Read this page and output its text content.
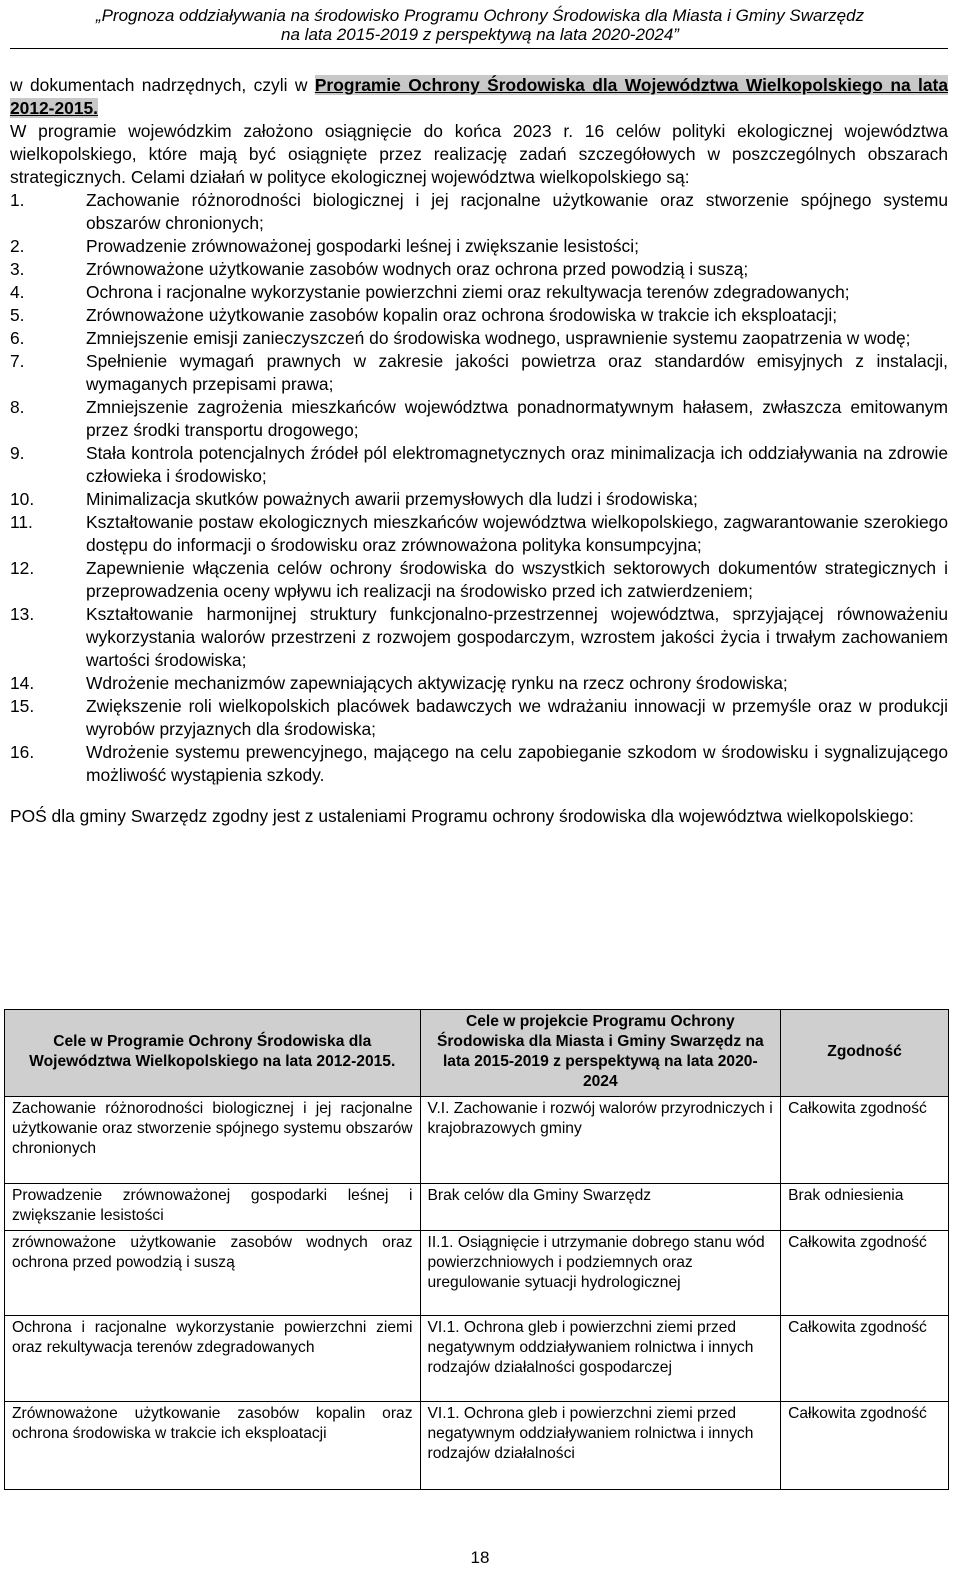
„Prognoza oddziaływania na środowisko Programu Ochrony Środowiska dla Miasta i Gminy Swarzędz
na lata 2015-2019 z perspektywą na lata 2020-2024”

w dokumentach nadrzędnych, czyli w Programie Ochrony Środowiska dla Województwa Wielkopolskiego na lata 2012-2015.

W programie wojewódzkim założono osiągnięcie do końca 2023 r. 16 celów polityki ekologicznej województwa wielkopolskiego, które mają być osiągnięte przez realizację zadań szczegółowych w poszczególnych obszarach strategicznych. Celami działań w polityce ekologicznej województwa wielkopolskiego są:

1.	Zachowanie różnorodności biologicznej i jej racjonalne użytkowanie oraz stworzenie spójnego systemu obszarów chronionych;
2.	Prowadzenie zrównoważonej gospodarki leśnej i zwiększanie lesistości;
3.	Zrównoważone użytkowanie zasobów wodnych oraz ochrona przed powodzią i suszą;
4.	Ochrona i racjonalne wykorzystanie powierzchni ziemi oraz rekultywacja terenów zdegradowanych;
5.	Zrównoważone użytkowanie zasobów kopalin oraz ochrona środowiska w trakcie ich eksploatacji;
6.	Zmniejszenie emisji zanieczyszczeń do środowiska wodnego, usprawnienie systemu zaopatrzenia w wodę;
7.	Spełnienie wymagań prawnych w zakresie jakości powietrza oraz standardów emisyjnych z instalacji, wymaganych przepisami prawa;
8.	Zmniejszenie zagrożenia mieszkańców województwa ponadnormatywnym hałasem, zwłaszcza emitowanym przez środki transportu drogowego;
9.	Stała kontrola potencjalnych źródeł pól elektromagnetycznych oraz minimalizacja ich oddziaływania na zdrowie człowieka i środowisko;
10.	Minimalizacja skutków poważnych awarii przemysłowych dla ludzi i środowiska;
11.	Kształtowanie postaw ekologicznych mieszkańców województwa wielkopolskiego, zagwarantowanie szerokiego dostępu do informacji o środowisku oraz zrównoważona polityka konsumpcyjna;
12.	Zapewnienie włączenia celów ochrony środowiska do wszystkich sektorowych dokumentów strategicznych i przeprowadzenia oceny wpływu ich realizacji na środowisko przed ich zatwierdzeniem;
13.	Kształtowanie harmonijnej struktury funkcjonalno-przestrzennej województwa, sprzyjającej równoważeniu wykorzystania walorów przestrzeni z rozwojem gospodarczym, wzrostem jakości życia i trwałym zachowaniem wartości środowiska;
14.	Wdrożenie mechanizmów zapewniających aktywizację rynku na rzecz ochrony środowiska;
15.	Zwiększenie roli wielkopolskich placówek badawczych we wdrażaniu innowacji w przemyśle oraz w produkcji wyrobów przyjaznych dla środowiska;
16.	Wdrożenie systemu prewencyjnego, mającego na celu zapobieganie szkodom w środowisku i sygnalizującego możliwość wystąpienia szkody.

POŚ dla gminy Swarzędz zgodny jest z ustaleniami Programu ochrony środowiska dla województwa wielkopolskiego:

Cele w Programie Ochrony Środowiska dla Województwa Wielkopolskiego na lata 2012-2015.	Cele w projekcie Programu Ochrony Środowiska dla Miasta i Gminy Swarzędz na lata 2015-2019 z perspektywą na lata 2020-2024	Zgodność
Zachowanie różnorodności biologicznej i jej racjonalne użytkowanie oraz stworzenie spójnego systemu obszarów chronionych	V.I. Zachowanie i rozwój walorów przyrodniczych i krajobrazowych gminy	Całkowita zgodność
Prowadzenie zrównoważonej gospodarki leśnej i zwiększanie lesistości	Brak celów dla Gminy Swarzędz	Brak odniesienia
zrównoważone użytkowanie zasobów wodnych oraz ochrona przed powodzią i suszą	II.1. Osiągnięcie i utrzymanie dobrego stanu wód powierzchniowych i podziemnych oraz uregulowanie sytuacji hydrologicznej	Całkowita zgodność
Ochrona i racjonalne wykorzystanie powierzchni ziemi oraz rekultywacja terenów zdegradowanych	VI.1. Ochrona gleb i powierzchni ziemi przed negatywnym oddziaływaniem rolnictwa i innych rodzajów działalności gospodarczej	Całkowita zgodność
Zrównoważone użytkowanie zasobów kopalin oraz ochrona środowiska w trakcie ich eksploatacji	VI.1. Ochrona gleb i powierzchni ziemi przed negatywnym oddziaływaniem rolnictwa i innych rodzajów działalności	Całkowita zgodność
18
